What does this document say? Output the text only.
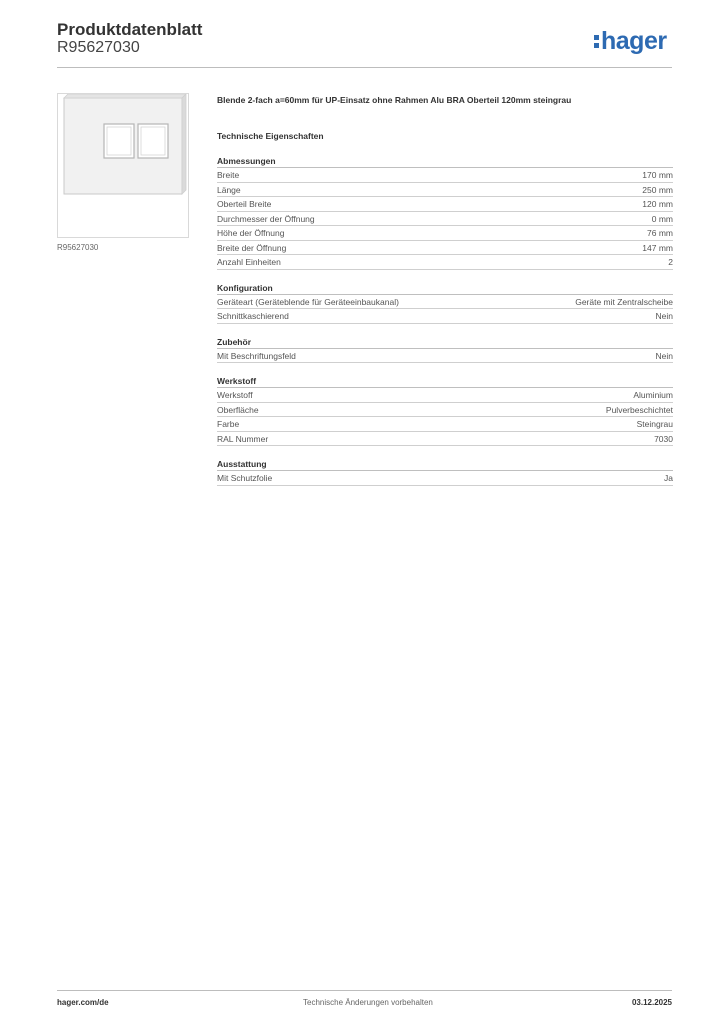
Produktdatenblatt
R95627030	hager
R95627030
Blende 2-fach a=60mm für UP-Einsatz ohne Rahmen Alu BRA Oberteil 120mm steingrau
Technische Eigenschaften
Abmessungen
Breite	170 mm
Länge	250 mm
Oberteil Breite	120 mm
Durchmesser der Öffnung	0 mm
Höhe der Öffnung	76 mm
Breite der Öffnung	147 mm
Anzahl Einheiten	2
Konfiguration
Geräteart (Geräteblende für Geräteeinbaukanal)	Geräte mit Zentralscheibe
Schnittkaschierend	Nein
Zubehör
Mit Beschriftungsfeld	Nein
Werkstoff
Werkstoff	Aluminium
Oberfläche	Pulverbeschichtet
Farbe	Steingrau
RAL Nummer	7030
Ausstattung
Mit Schutzfolie	Ja
hager.com/de	Technische Änderungen vorbehalten	03.12.2025
